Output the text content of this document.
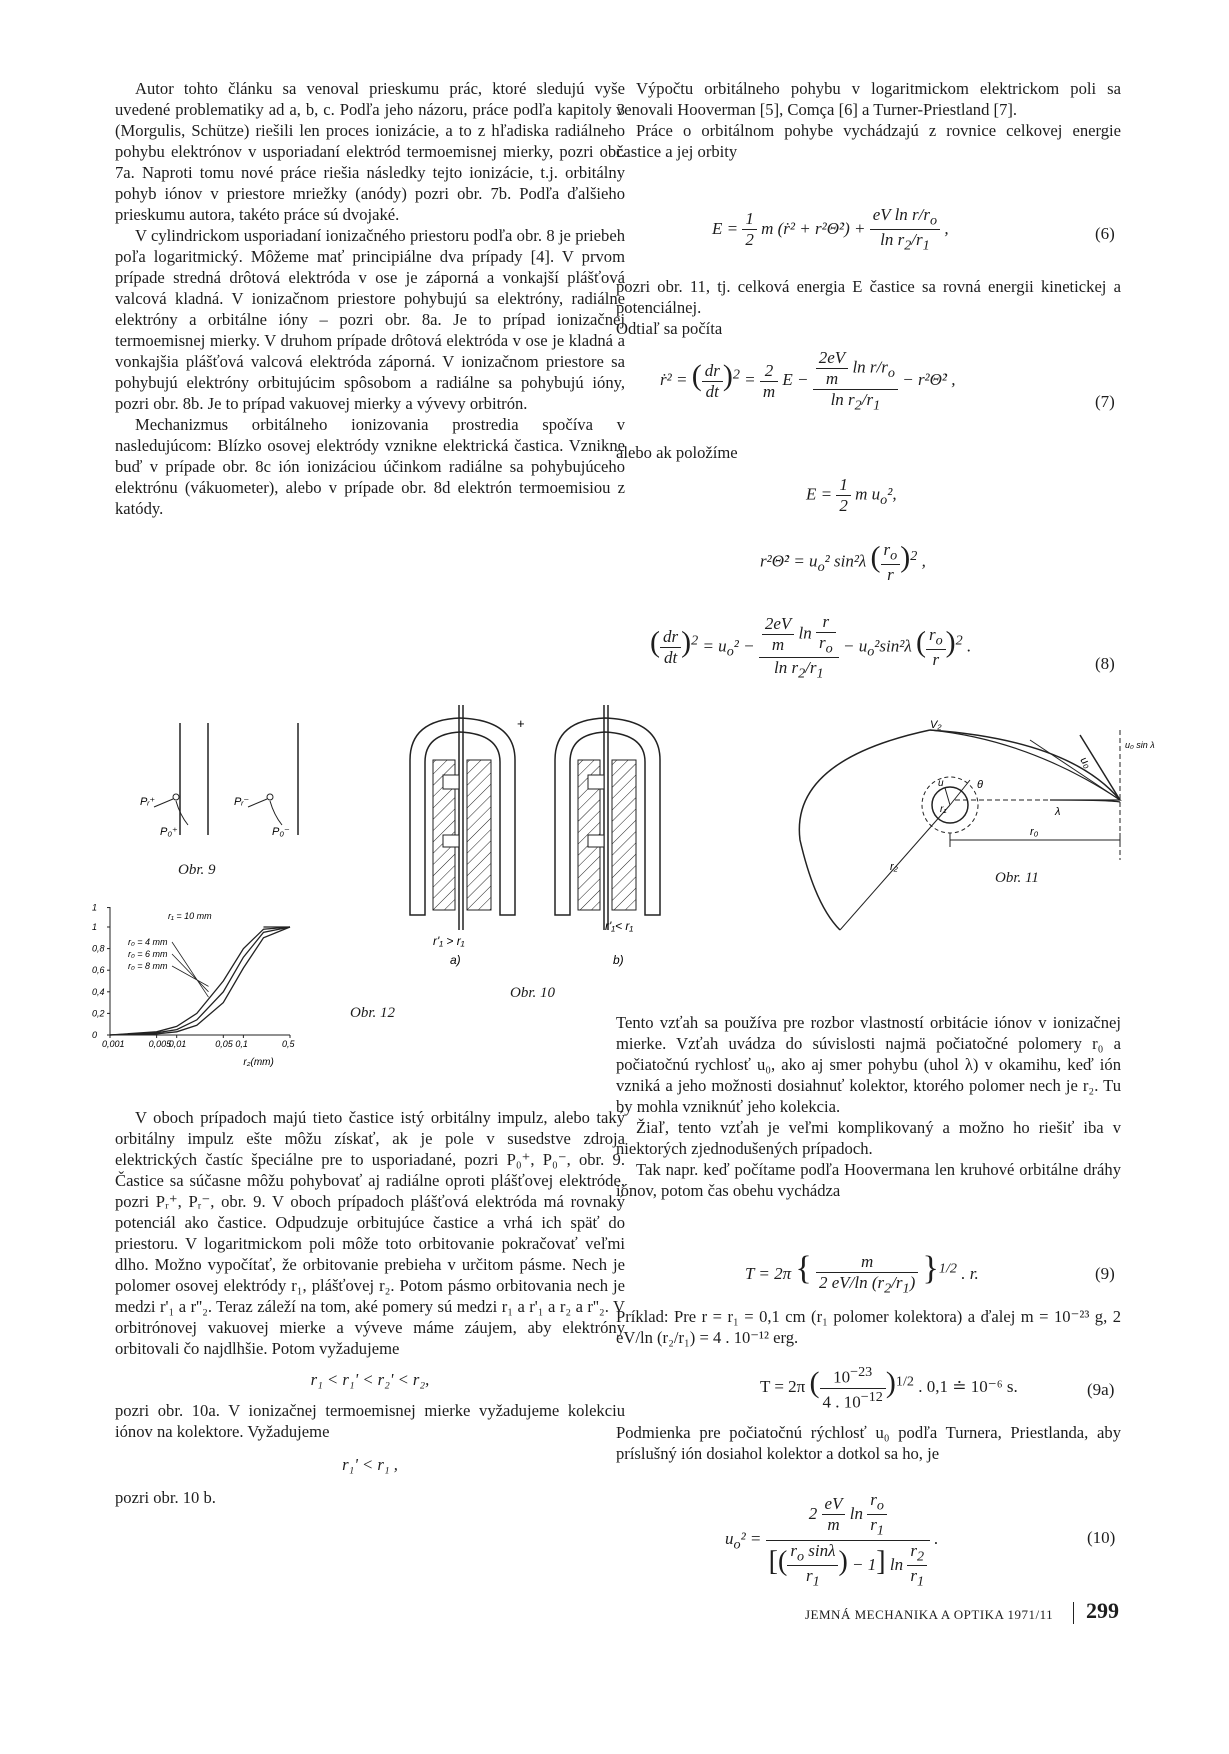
Autor tohto článku sa venoval prieskumu prác, ktoré sledujú vyše uvedené problematiky ad a, b, c. Podľa jeho názoru, práce podľa kapitoly 3 (Morgulis, Schütze) riešili len proces ionizácie, a to z hľadiska radiálneho pohybu elektrónov v usporiadaní elektród termoemisnej mierky, pozri obr. 7a. Naproti tomu nové práce riešia následky tejto ionizácie, t.j. orbitálny pohyb iónov v priestore mriežky (anódy) pozri obr. 7b. Podľa ďalšieho prieskumu autora, takéto práce sú dvojaké.

V cylindrickom usporiadaní ionizačného priestoru podľa obr. 8 je priebeh poľa logaritmický. Môžeme mať principiálne dva prípady [4]. V prvom prípade stredná drôtová elektróda v ose je záporná a vonkajší plášťová valcová kladná. V ionizačnom priestore pohybujú sa elektróny, radiálne elektróny a orbitálne ióny – pozri obr. 8a. Je to prípad ionizačnej termoemisnej mierky. V druhom prípade drôtová elektróda v ose je kladná a vonkajšia plášťová valcová elektróda záporná. V ionizačnom priestore sa pohybujú elektróny orbitujúcim spôsobom a radiálne sa pohybujú ióny, pozri obr. 8b. Je to prípad vakuovej mierky a vývevy orbitrón.

Mechanizmus orbitálneho ionizovania prostredia spočíva v nasledujúcom: Blízko osovej elektródy vznikne elektrická častica. Vznikne buď v prípade obr. 8c ión ionizáciou účinkom radiálne sa pohybujúceho elektrónu (vákuometer), alebo v prípade obr. 8d elektrón termoemisiou z katódy.

Výpočtu orbitálneho pohybu v logaritmickom elektrickom poli sa venovali Hooverman [5], Comça [6] a Turner-Priestland [7].

Práce o orbitálnom pohybe vychádzajú z rovnice celkovej energie častice a jej orbity

$E = \frac{1}{2}$ m (ṙ² + r²Θ̇²) + $\frac{eV \ln r/r_o}{\ln r_2/r_1}$ ,	(6)

pozri obr. 11, tj. celková energia E častice sa rovná energii kinetickej a potenciálnej.

Odtiaľ sa počíta

ṙ² = ( $\frac{dr}{dt} )^2 = \frac{2}{m}$ $E - \frac{\frac{2eV}{m} \ln r/r_o}{\ln r_2/r_1}$ − r²Θ̇² ,
(7)

alebo ak položíme

$E = \frac{1}{2}$ m $u_o^2$,
r²Θ̇² = $u_o^2$ sin²λ ( $\frac{r_o}{r} )^2$ ,
( $\frac{dr}{dt} )^2 = u_o^2 - \frac{\frac{2eV}{m} \ln \frac{r}{r_o}}{\ln r_2/r_1} - u_o^2\sin^2\lambda$ ( $\frac{r_o}{r} )^2$ .
(8)
Pᵣ⁺
P₀⁺
Pᵣ⁻
P₀⁻
Obr. 9
0,001	0,005
0,01	0,05 0,1	0,5
0
0,2
0,4
0,6
0,8
1
1
r₁ = 10 mm
r₀ = 4 mm
r₀ = 6 mm
r₀ = 8 mm
r₂(mm)
Obr. 12
+
r'₁ > r₁
a)
r'₁< r₁
b)
Obr. 10
V₂
u₀
u₀ sin λ
u	θ
λ
r₁
r₀
r₂
Obr. 11

V oboch prípadoch majú tieto častice istý orbitálny impulz, alebo taký orbitálny impulz ešte môžu získať, ak je pole v susedstve zdroja elektrických častíc špeciálne pre to usporiadané, pozri P₀⁺, P₀⁻, obr. 9. Častice sa súčasne môžu pohybovať aj radiálne oproti plášťovej elektróde, pozri Pᵣ⁺, Pᵣ⁻, obr. 9. V oboch prípadoch plášťová elektróda má rovnaký potenciál ako častice. Odpudzuje orbitujúce častice a vrhá ich späť do priestoru. V logaritmickom poli môže toto orbitovanie pokračovať veľmi dlho. Možno vypočítať, že orbitovanie prebieha v určitom pásme. Nech je polomer osovej elektródy r₁, plášťovej r₂. Potom pásmo orbitovania nech je medzi r'₁ a r''₂. Teraz záleží na tom, aké pomery sú medzi r₁ a r'₁ a r₂ a r''₂. V orbitrónovej vakuovej mierke a výveve máme záujem, aby elektróny orbitovali čo najdlhšie. Potom vyžadujeme

r₁ < r₁' < r₂' < r₂,

pozri obr. 10a. V ionizačnej termoemisnej mierke vyžadujeme kolekciu iónov na kolektore. Vyžadujeme

r₁' < r₁ ,

pozri obr. 10 b.

Tento vzťah sa používa pre rozbor vlastností orbitácie iónov v ionizačnej mierke. Vzťah uvádza do súvislosti najmä počiatočné polomery r₀ a počiatočnú rychlosť u₀, ako aj smer pohybu (uhol λ) v okamihu, keď ión vzniká a jeho možnosti dosiahnuť kolektor, ktorého polomer nech je r₂. Tu by mohla vzniknúť jeho kolekcia.

Žiaľ, tento vzťah je veľmi komplikovaný a možno ho riešiť iba v niektorých zjednodušených prípadoch.

Tak napr. keď počítame podľa Hoovermana len kruhové orbitálne dráhy iónov, potom čas obehu vychádza

T = 2π { $\frac{m}{2 eV/\ln (r_2/r_1)} \}^{1/2}$ . r.	(9)

Príklad: Pre r = r₁ = 0,1 cm (r₁ polomer kolektora) a ďalej m = 10⁻²³ g, 2 eV/ln (r₂/r₁) = 4 . 10⁻¹² erg.

T = 2π ( $\frac{10^{-23}}{4 . 10^{-12}} )^{1/2}$ . 0,1 ≐ 10⁻⁶ s.	(9a)

Podmienka pre počiatočnú rýchlosť u₀ podľa Turnera, Priestlanda, aby príslušný ión dosiahol kolektor a dotkol sa ho, je

$u_o^2 = \frac{2 \frac{eV}{m} \ln \frac{r_o}{r_1}}{[( \frac{r_o \sin\lambda}{r_1} ) - 1] \ln \frac{r_2}{r_1}}$ .	(10)
JEMNÁ MECHANIKA A OPTIKA 1971/11 299
